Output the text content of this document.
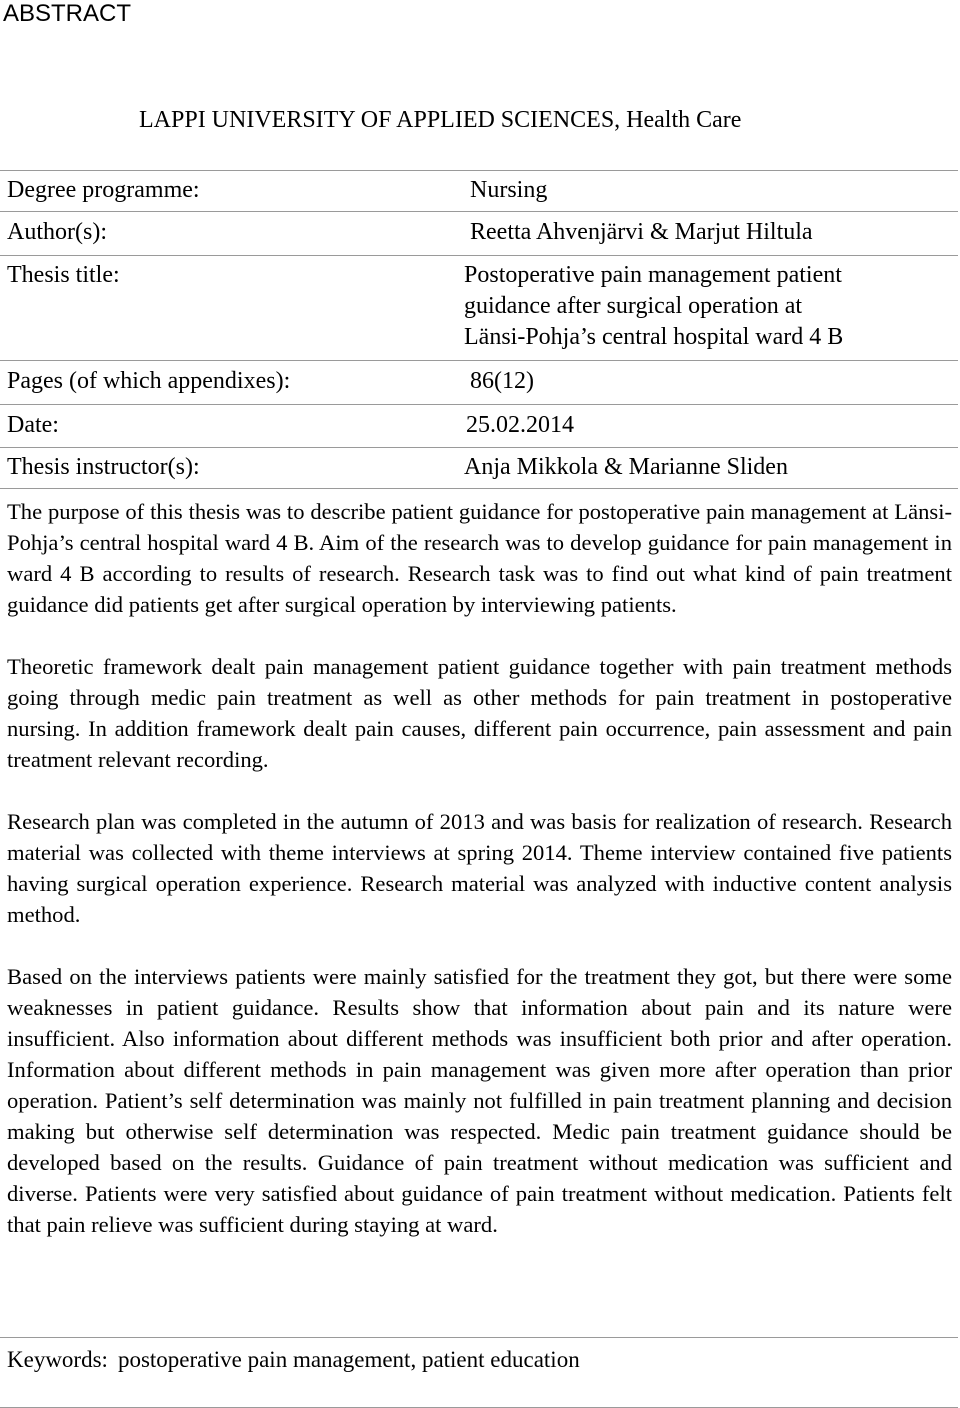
ABSTRACT
LAPPI UNIVERSITY OF APPLIED SCIENCES, Health Care
Degree programme:	Nursing
Author(s):	Reetta Ahvenjärvi & Marjut Hiltula
Thesis title:	Postoperative pain management patient
guidance after surgical operation at
Länsi-Pohja’s central hospital ward 4 B
Pages (of which appendixes):	86(12)
Date:	25.02.2014
Thesis instructor(s):	Anja Mikkola & Marianne Sliden

The purpose of this thesis was to describe patient guidance for postoperative pain management at Länsi-Pohja’s central hospital ward 4 B. Aim of the research was to develop guidance for pain management in ward 4 B according to results of research. Research task was to find out what kind of pain treatment guidance did patients get after surgical operation by interviewing patients.

Theoretic framework dealt pain management patient guidance together with pain treatment methods going through medic pain treatment as well as other methods for pain treatment in postoperative nursing. In addition framework dealt pain causes, different pain occurrence, pain assessment and pain treatment relevant recording.

Research plan was completed in the autumn of 2013 and was basis for realization of research. Research material was collected with theme interviews at spring 2014. Theme interview contained five patients having surgical operation experience. Research material was analyzed with inductive content analysis method.

Based on the interviews patients were mainly satisfied for the treatment they got, but there were some weaknesses in patient guidance. Results show that information about pain and its nature were insufficient. Also information about different methods was insufficient both prior and after operation. Information about different methods in pain management was given more after operation than prior operation. Patient’s self determination was mainly not fulfilled in pain treatment planning and decision making but otherwise self determination was respected. Medic pain treatment guidance should be developed based on the results. Guidance of pain treatment without medication was sufficient and diverse. Patients were very satisfied about guidance of pain treatment without medication. Patients felt that pain relieve was sufficient during staying at ward.

Keywords: postoperative pain management, patient education
